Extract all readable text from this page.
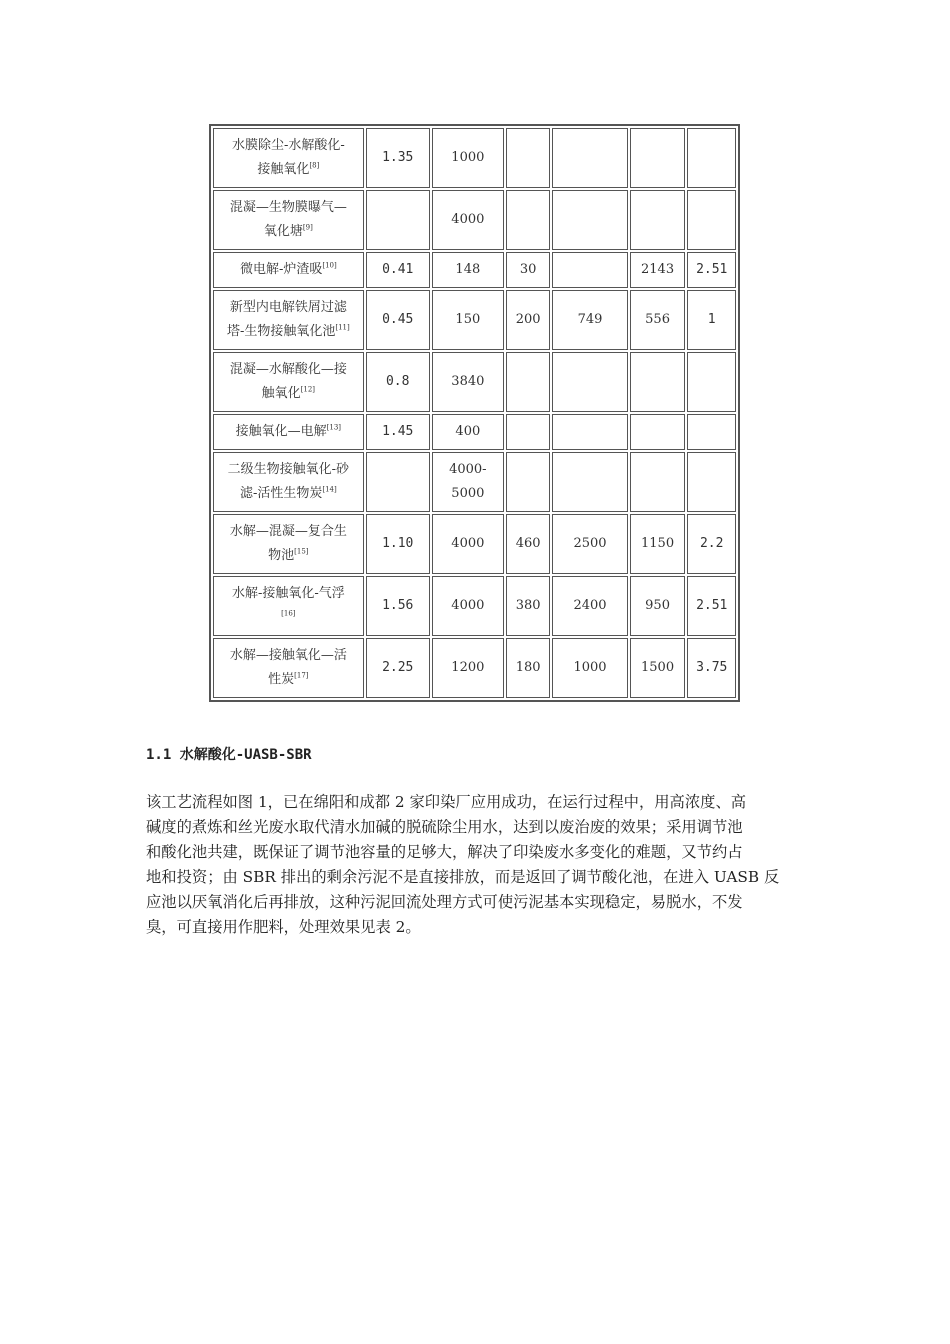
水膜除尘-水解酸化-
接触氧化[8]	1.35	1000				

混凝—生物膜曝气—
氧化塘[9]		4000				

微电解-炉渣吸[10]	0.41	148	30		2143	2.51

新型内电解铁屑过滤
塔-生物接触氧化池[11]	0.45	150	200	749	556	1

混凝—水解酸化—接
触氧化[12]	0.8	3840				

接触氧化—电解[13]	1.45	400				

二级生物接触氧化-砂
滤-活性生物炭[14]		4000-5000				

水解—混凝—复合生
物池[15]	1.10	4000	460	2500	1150	2.2

水解-接触氧化-气浮
[16]	1.56	4000	380	2400	950	2.51

水解—接触氧化—活
性炭[17]	2.25	1200	180	1000	1500	3.75
1.1 水解酸化-UASB-SBR
该工艺流程如图 1，已在绵阳和成都 2 家印染厂应用成功，在运行过程中，用高浓度、高
碱度的煮炼和丝光废水取代清水加碱的脱硫除尘用水，达到以废治废的效果；采用调节池
和酸化池共建，既保证了调节池容量的足够大，解决了印染废水多变化的难题，又节约占
地和投资；由 SBR 排出的剩余污泥不是直接排放，而是返回了调节酸化池，在进入 UASB 反
应池以厌氧消化后再排放，这种污泥回流处理方式可使污泥基本实现稳定，易脱水，不发
臭，可直接用作肥料，处理效果见表 2。
